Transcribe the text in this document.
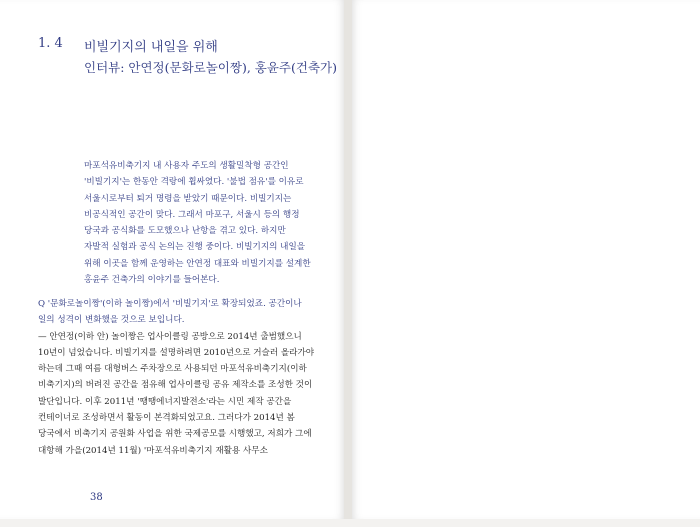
1. 4 비빌기지의 내일을 위해
인터뷰: 안연정(문화로놀이짱), 홍윤주(건축가)
마포석유비축기지 내 사용자 주도의 생활밀착형 공간인
'비빌기지'는 한동안 격랑에 휩싸였다. '불법 점유'를 이유로
서울시로부터 퇴거 명령을 받았기 때문이다. 비빌기지는
비공식적인 공간이 맞다. 그래서 마포구, 서울시 등의 행정
당국과 공식화를 도모했으나 난항을 겪고 있다. 하지만
자발적 실험과 공식 논의는 진행 중이다. 비빌기지의 내일을
위해 이곳을 함께 운영하는 안연정 대표와 비빌기지를 설계한
홍윤주 건축가의 이야기를 들어본다.
Q '문화로놀이짱'(이하 놀이짱)에서 '비빌기지'로 확장되었죠. 공간이나
일의 성격이 변화했을 것으로 보입니다.
— 안연정(이하 안) 놀이짱은 업사이클링 공방으로 2014년 출범했으니
10년이 넘었습니다. 비빌기지를 설명하려면 2010년으로 거슬러 올라가야
하는데 그때 여름 대형버스 주차장으로 사용되던 마포석유비축기지(이하
비축기지)의 버려진 공간을 점유해 업사이클링 공유 제작소를 조성한 것이
발단입니다. 이후 2011년 '땡땡에너지발전소'라는 시민 제작 공간을
컨테이너로 조성하면서 활동이 본격화되었고요. 그러다가 2014년 봄
당국에서 비축기지 공원화 사업을 위한 국제공모를 시행했고, 저희가 그에
대항해 가을(2014년 11월) '마포석유비축기지 재활용 사무소
38
